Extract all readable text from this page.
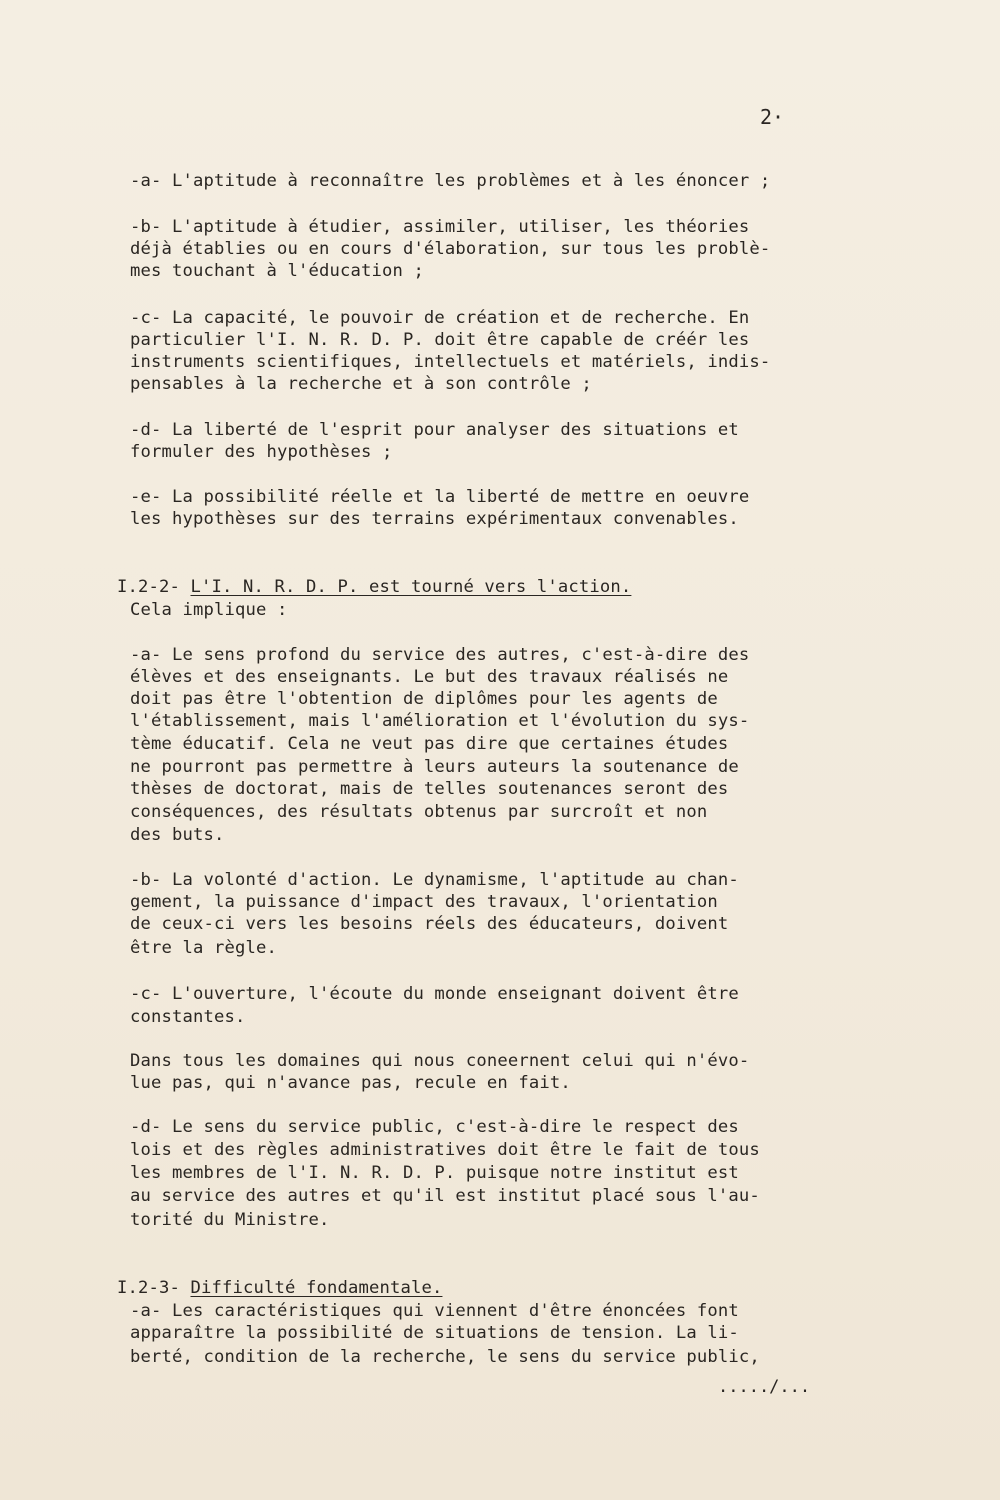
2·
-a- L'aptitude à reconnaître les problèmes et à les énoncer ;
-b- L'aptitude à étudier, assimiler, utiliser, les théories
déjà établies ou en cours d'élaboration, sur tous les problè-
mes touchant à l'éducation ;
-c- La capacité, le pouvoir de création et de recherche. En
particulier l'I. N. R. D. P. doit être capable de créér les
instruments scientifiques, intellectuels et matériels, indis-
pensables à la recherche et à son contrôle ;
-d- La liberté de l'esprit pour analyser des situations et
formuler des hypothèses ;
-e- La possibilité réelle et la liberté de mettre en oeuvre
les hypothèses sur des terrains expérimentaux convenables.

I.2-2- L'I. N. R. D. P. est tourné vers l'action.

Cela implique :
-a- Le sens profond du service des autres, c'est-à-dire des
élèves et des enseignants. Le but des travaux réalisés ne
doit pas être l'obtention de diplômes pour les agents de
l'établissement, mais l'amélioration et l'évolution du sys-
tème éducatif. Cela ne veut pas dire que certaines études
ne pourront pas permettre à leurs auteurs la soutenance de
thèses de doctorat, mais de telles soutenances seront des
conséquences, des résultats obtenus par surcroît et non
des buts.
-b- La volonté d'action. Le dynamisme, l'aptitude au chan-
gement, la puissance d'impact des travaux, l'orientation
de ceux-ci vers les besoins réels des éducateurs, doivent
être la règle.
-c- L'ouverture, l'écoute du monde enseignant doivent être
constantes.
Dans tous les domaines qui nous coneernent celui qui n'évo-
lue pas, qui n'avance pas, recule en fait.
-d- Le sens du service public, c'est-à-dire le respect des
lois et des règles administratives doit être le fait de tous
les membres de l'I. N. R. D. P. puisque notre institut est
au service des autres et qu'il est institut placé sous l'au-
torité du Ministre.

I.2-3- Difficulté fondamentale.

-a- Les caractéristiques qui viennent d'être énoncées font
apparaître la possibilité de situations de tension. La li-
berté, condition de la recherche, le sens du service public,
...../...
